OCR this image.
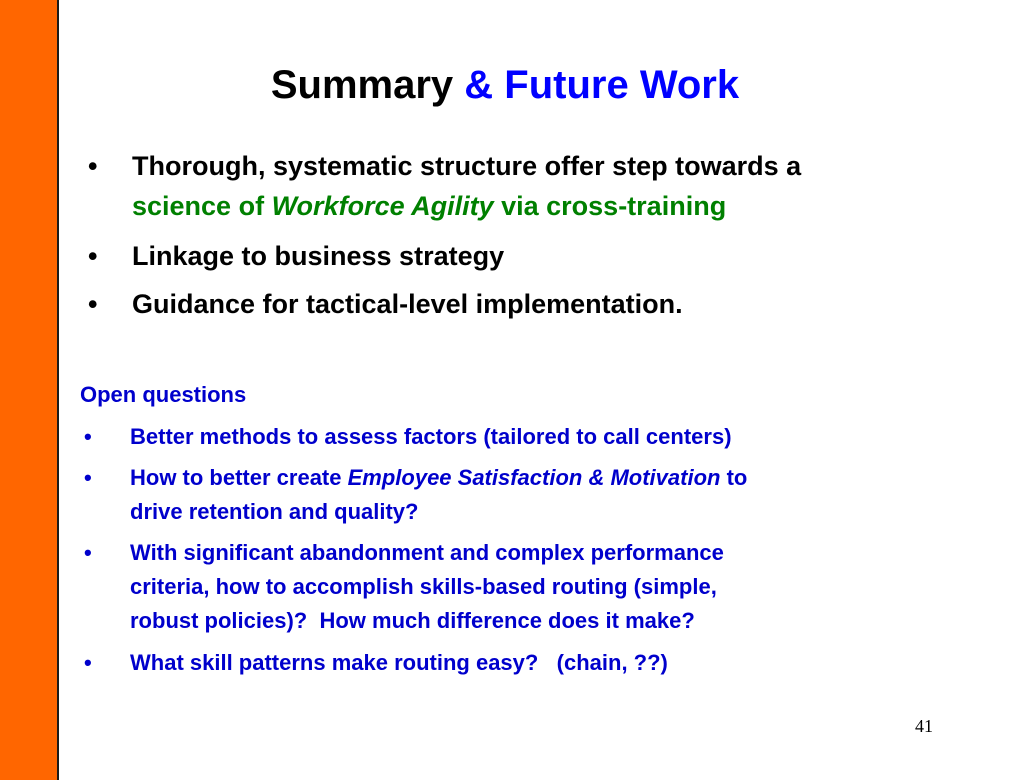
Summary & Future Work
• Thorough, systematic structure offer step towards a
science of Workforce Agility via cross-training
• Linkage to business strategy
• Guidance for tactical-level implementation.
Open questions
• Better methods to assess factors (tailored to call centers)
• How to better create Employee Satisfaction & Motivation to
drive retention and quality?
• With significant abandonment and complex performance
criteria, how to accomplish skills-based routing (simple,
robust policies)?  How much difference does it make?
• What skill patterns make routing easy?   (chain, ??)
41
